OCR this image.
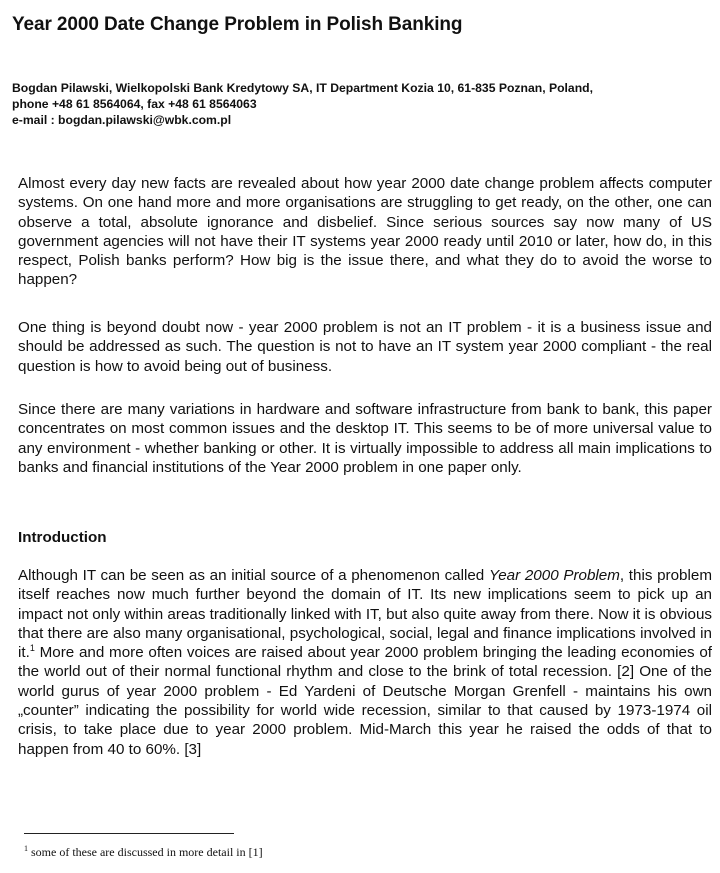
Year 2000 Date Change Problem in Polish Banking
Bogdan Pilawski, Wielkopolski Bank Kredytowy SA, IT Department Kozia 10, 61-835 Poznan, Poland,
phone +48 61 8564064, fax +48 61 8564063
e-mail : bogdan.pilawski@wbk.com.pl

Almost every day new facts are revealed about how year 2000 date change problem affects computer systems. On one hand more and more organisations are struggling to get ready, on the other, one can observe a total, absolute ignorance and disbelief. Since serious sources say now many of US government agencies will not have their IT systems year 2000 ready until 2010 or later, how do, in this respect, Polish banks perform? How big is the issue there, and what they do to avoid the worse to happen?

One thing is beyond doubt now - year 2000 problem is not an IT problem - it is a business issue and should be addressed as such. The question is not to have an IT system year 2000 compliant - the real question is how to avoid being out of business.

Since there are many variations in hardware and software infrastructure from bank to bank, this paper concentrates on most common issues and the desktop IT. This seems to be of more universal value to any environment - whether banking or other. It is virtually impossible to address all main implications to banks and financial institutions of the Year 2000 problem in one paper only.

Introduction

Although IT can be seen as an initial source of a phenomenon called Year 2000 Problem, this problem itself reaches now much further beyond the domain of IT. Its new implications seem to pick up an impact not only within areas traditionally linked with IT, but also quite away from there. Now it is obvious that there are also many organisational, psychological, social, legal and finance implications involved in it.$^1$ More and more often voices are raised about year 2000 problem bringing the leading economies of the world out of their normal functional rhythm and close to the brink of total recession. [2] One of the world gurus of year 2000 problem - Ed Yardeni of Deutsche Morgan Grenfell - maintains his own „counter” indicating the possibility for world wide recession, similar to that caused by 1973-1974 oil crisis, to take place due to year 2000 problem. Mid-March this year he raised the odds of that to happen from 40 to 60%. [3]

$^1$ some of these are discussed in more detail in [1]
